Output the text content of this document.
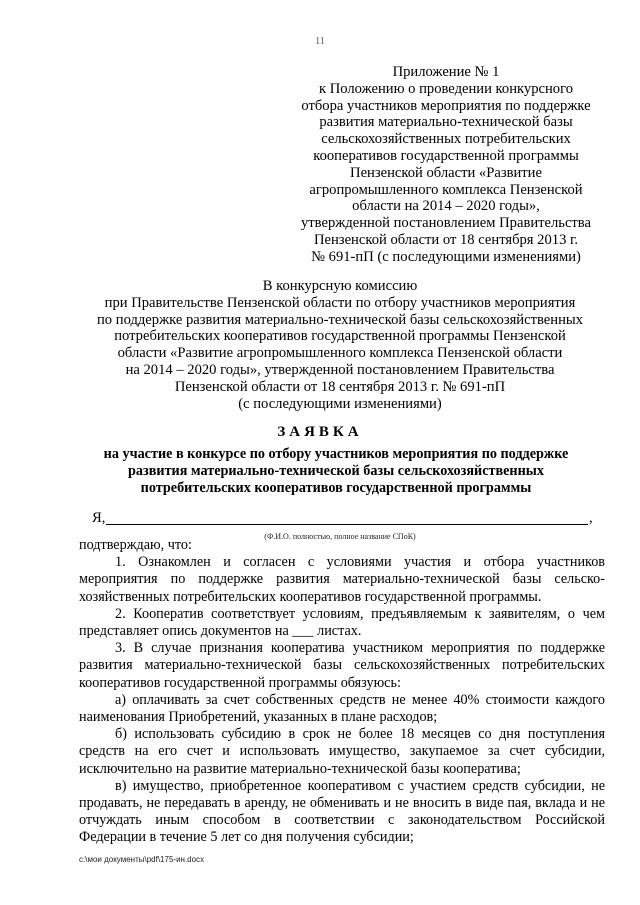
11
Приложение № 1
к Положению о проведении конкурсного
отбора участников мероприятия по поддержке
развития материально-технической базы
сельскохозяйственных потребительских
кооперативов государственной программы
Пензенской области «Развитие
агропромышленного комплекса Пензенской
области на 2014 – 2020 годы»,
утвержденной постановлением Правительства
Пензенской области от 18 сентября 2013 г.
№ 691-пП (с последующими изменениями)
В конкурсную комиссию
при Правительстве Пензенской области по отбору участников мероприятия
по поддержке развития материально-технической базы сельскохозяйственных
потребительских кооперативов государственной программы Пензенской
области «Развитие агропромышленного комплекса Пензенской области
на 2014 – 2020 годы», утвержденной постановлением Правительства
Пензенской области от 18 сентября 2013 г. № 691-пП
(с последующими изменениями)
ЗАЯВКА
на участие в конкурсе по отбору участников мероприятия по поддержке
развития материально-технической базы сельскохозяйственных
потребительских кооперативов государственной программы
Я,	,
(Ф.И.О. полностью, полное название СПоК)

подтверждаю, что:

1. Ознакомлен и согласен с условиями участия и отбора участников мероприятия по поддержке развития материально-технической базы сельско-хозяйственных потребительских кооперативов государственной программы.

2. Кооператив соответствует условиям, предъявляемым к заявителям, о чем представляет опись документов на ___ листах.

3. В случае признания кооператива участником мероприятия по поддержке развития материально-технической базы сельскохозяйственных потребительских кооперативов государственной программы обязуюсь:

а) оплачивать за счет собственных средств не менее 40% стоимости каждого наименования Приобретений, указанных в плане расходов;

б) использовать субсидию в срок не более 18 месяцев со дня поступления средств на его счет и использовать имущество, закупаемое за счет субсидии, исключительно на развитие материально-технической базы кооператива;

в) имущество, приобретенное кооперативом с участием средств субсидии, не продавать, не передавать в аренду, не обменивать и не вносить в виде пая, вклада и не отчуждать иным способом в соответствии с законодательством Российской Федерации в течение 5 лет со дня получения субсидии;

c:\мои документы\pdf\175-ин.docx
